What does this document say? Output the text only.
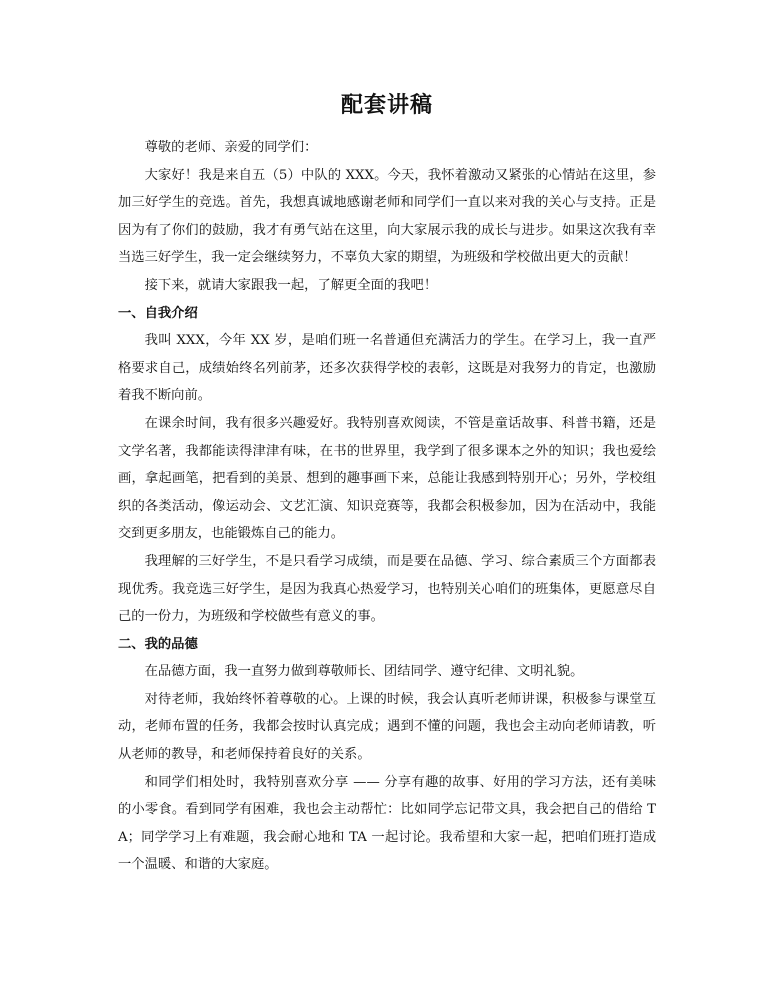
配套讲稿

尊敬的老师、亲爱的同学们：

大家好！我是来自五（5）中队的 XXX。今天，我怀着激动又紧张的心情站在这里，参加三好学生的竞选。首先，我想真诚地感谢老师和同学们一直以来对我的关心与支持。正是因为有了你们的鼓励，我才有勇气站在这里，向大家展示我的成长与进步。如果这次我有幸当选三好学生，我一定会继续努力，不辜负大家的期望，为班级和学校做出更大的贡献！

接下来，就请大家跟我一起，了解更全面的我吧！

一、自我介绍

我叫 XXX，今年 XX 岁，是咱们班一名普通但充满活力的学生。在学习上，我一直严格要求自己，成绩始终名列前茅，还多次获得学校的表彰，这既是对我努力的肯定，也激励着我不断向前。

在课余时间，我有很多兴趣爱好。我特别喜欢阅读，不管是童话故事、科普书籍，还是文学名著，我都能读得津津有味，在书的世界里，我学到了很多课本之外的知识；我也爱绘画，拿起画笔，把看到的美景、想到的趣事画下来，总能让我感到特别开心；另外，学校组织的各类活动，像运动会、文艺汇演、知识竞赛等，我都会积极参加，因为在活动中，我能交到更多朋友，也能锻炼自己的能力。

我理解的三好学生，不是只看学习成绩，而是要在品德、学习、综合素质三个方面都表现优秀。我竞选三好学生，是因为我真心热爱学习，也特别关心咱们的班集体，更愿意尽自己的一份力，为班级和学校做些有意义的事。

二、我的品德

在品德方面，我一直努力做到尊敬师长、团结同学、遵守纪律、文明礼貌。

对待老师，我始终怀着尊敬的心。上课的时候，我会认真听老师讲课，积极参与课堂互动，老师布置的任务，我都会按时认真完成；遇到不懂的问题，我也会主动向老师请教，听从老师的教导，和老师保持着良好的关系。

和同学们相处时，我特别喜欢分享 —— 分享有趣的故事、好用的学习方法，还有美味的小零食。看到同学有困难，我也会主动帮忙：比如同学忘记带文具，我会把自己的借给 TA；同学学习上有难题，我会耐心地和 TA 一起讨论。我希望和大家一起，把咱们班打造成一个温暖、和谐的大家庭。
